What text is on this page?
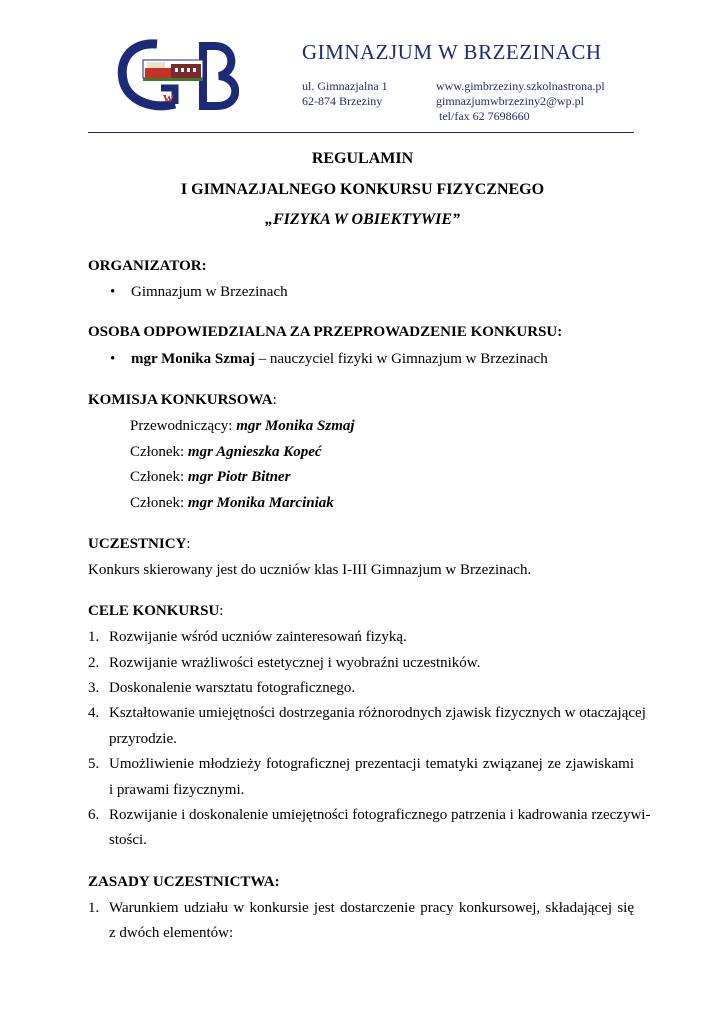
w
GIMNAZJUM W BRZEZINACH
ul. Gimnazjalna 1
62-874 Brzeziny
www.gimbrzeziny.szkolnastrona.pl
gimnazjumwbrzeziny2@wp.pl
tel/fax 62 7698660
REGULAMIN
I GIMNAZJALNEGO KONKURSU FIZYCZNEGO
„FIZYKA W OBIEKTYWIE”
ORGANIZATOR:
• Gimnazjum w Brzezinach
OSOBA ODPOWIEDZIALNA ZA PRZEPROWADZENIE KONKURSU:
• mgr Monika Szmaj – nauczyciel fizyki w Gimnazjum w Brzezinach
KOMISJA KONKURSOWA:
Przewodniczący: mgr Monika Szmaj
Członek: mgr Agnieszka Kopeć
Członek: mgr Piotr Bitner
Członek: mgr Monika Marciniak
UCZESTNICY:
Konkurs skierowany jest do uczniów klas I-III Gimnazjum w Brzezinach.
CELE KONKURSU:
1. Rozwijanie wśród uczniów zainteresowań fizyką.
2. Rozwijanie wrażliwości estetycznej i wyobraźni uczestników.
3. Doskonalenie warsztatu fotograficznego.
4. Kształtowanie umiejętności dostrzegania różnorodnych zjawisk fizycznych w otaczającej
przyrodzie.
5. Umożliwienie młodzieży fotograficznej prezentacji tematyki związanej ze zjawiskami
i prawami fizycznymi.
6. Rozwijanie i doskonalenie umiejętności fotograficznego patrzenia i kadrowania rzeczywi-
stości.
ZASADY UCZESTNICTWA:
1. Warunkiem udziału w konkursie jest dostarczenie pracy konkursowej, składającej się
z dwóch elementów:
